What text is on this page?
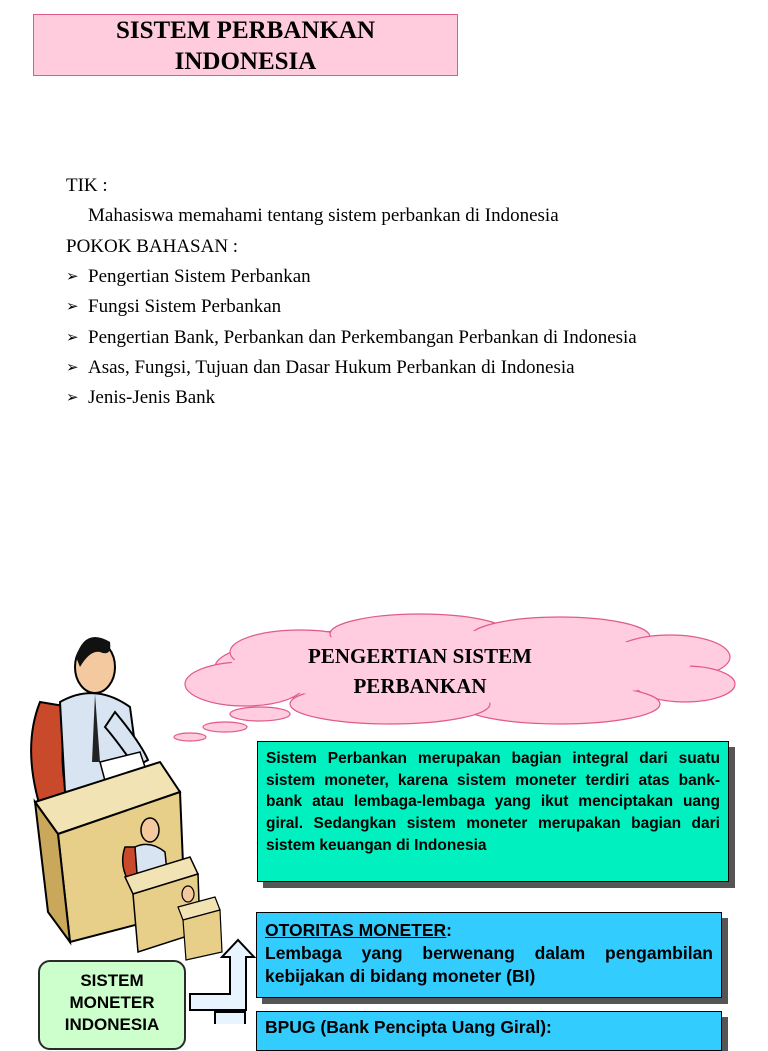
SISTEM PERBANKAN
INDONESIA
TIK :
Mahasiswa memahami tentang sistem perbankan di Indonesia
POKOK BAHASAN :
➢ Pengertian Sistem Perbankan
➢ Fungsi Sistem Perbankan
➢ Pengertian Bank, Perbankan dan Perkembangan Perbankan di Indonesia
➢ Asas, Fungsi, Tujuan dan Dasar Hukum Perbankan di Indonesia
➢ Jenis-Jenis Bank
PENGERTIAN SISTEM
PERBANKAN
Sistem Perbankan merupakan bagian integral dari suatu sistem moneter, karena sistem moneter terdiri atas bank-bank atau lembaga-lembaga yang ikut menciptakan uang giral. Sedangkan sistem moneter merupakan bagian dari sistem keuangan di Indonesia
OTORITAS MONETER:
Lembaga yang berwenang dalam pengambilan kebijakan di bidang moneter (BI)
BPUG (Bank Pencipta Uang Giral):
SISTEM
MONETER
INDONESIA
